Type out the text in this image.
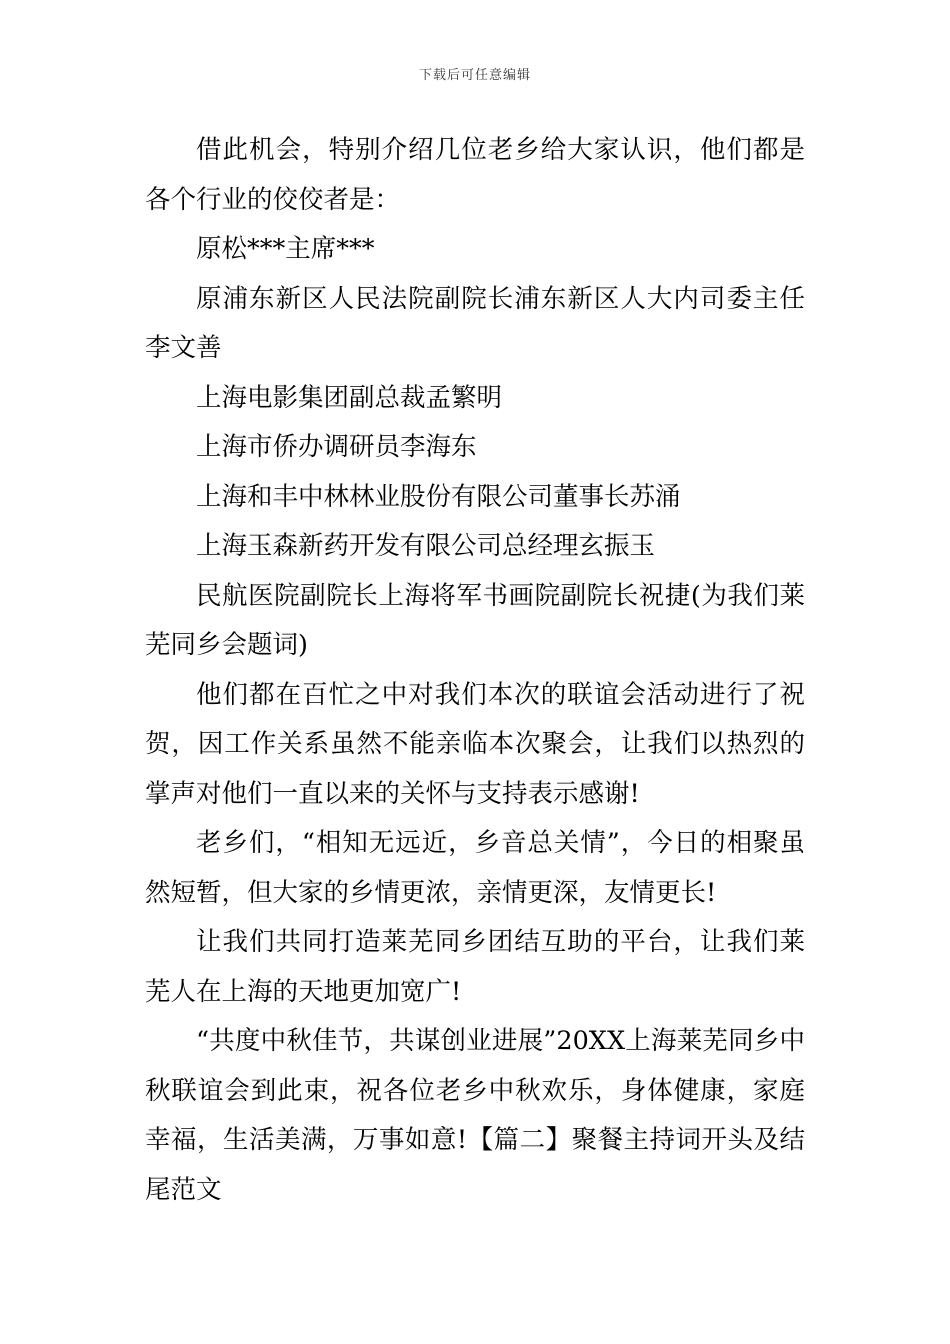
下载后可任意编辑

借此机会，特别介绍几位老乡给大家认识，他们都是各个行业的佼佼者是：

原松***主席***

原浦东新区人民法院副院长浦东新区人大内司委主任李文善

上海电影集团副总裁孟繁明

上海市侨办调研员李海东

上海和丰中林林业股份有限公司董事长苏涌

上海玉森新药开发有限公司总经理玄振玉

民航医院副院长上海将军书画院副院长祝捷(为我们莱芜同乡会题词)

他们都在百忙之中对我们本次的联谊会活动进行了祝贺，因工作关系虽然不能亲临本次聚会，让我们以热烈的掌声对他们一直以来的关怀与支持表示感谢!

老乡们，“相知无远近，乡音总关情”，今日的相聚虽然短暂，但大家的乡情更浓，亲情更深，友情更长!

让我们共同打造莱芜同乡团结互助的平台，让我们莱芜人在上海的天地更加宽广!

“共度中秋佳节，共谋创业进展”20XX上海莱芜同乡中秋联谊会到此束，祝各位老乡中秋欢乐，身体健康，家庭幸福，生活美满，万事如意!【篇二】聚餐主持词开头及结尾范文
